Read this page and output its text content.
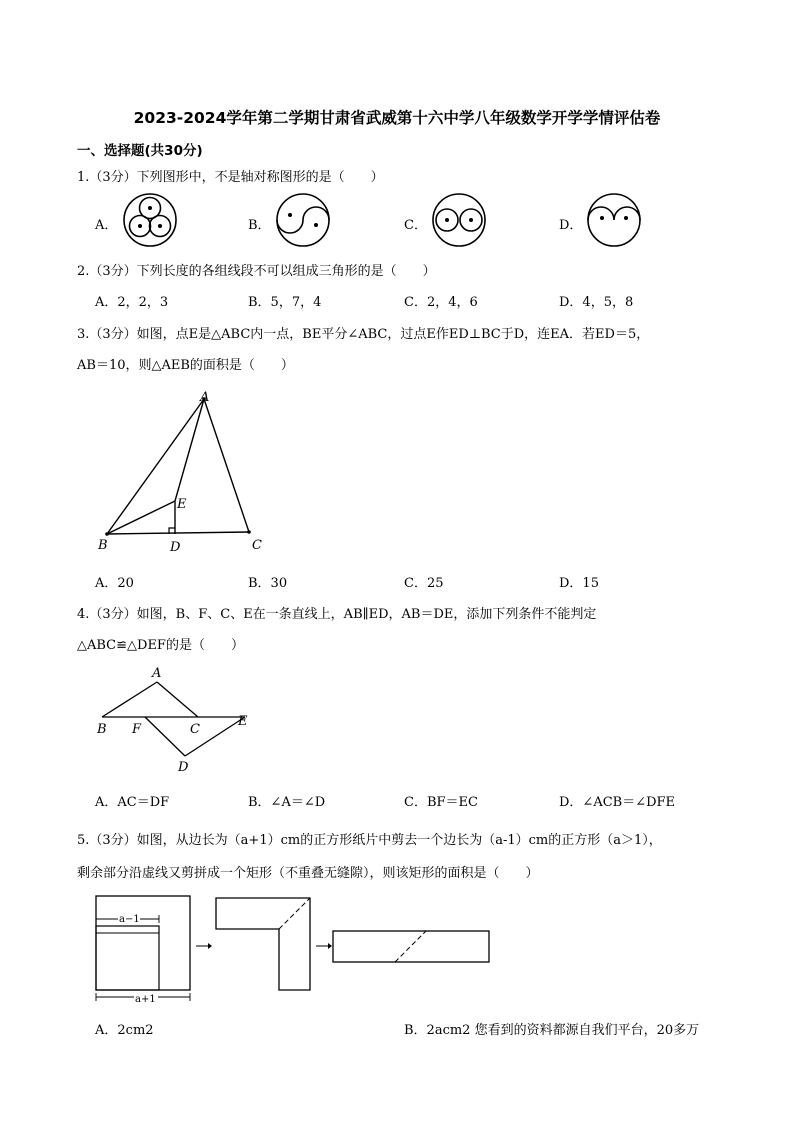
2023-2024学年第二学期甘肃省武威第十六中学八年级数学开学学情评估卷
一、选择题(共30分)
1.（3分）下列图形中，不是轴对称图形的是（　　）
A．	B．	C．	D．
2.（3分）下列长度的各组线段不可以组成三角形的是（　　）
A．2，2，3	B．5，7，4	C．2，4，6	D．4，5，8
3.（3分）如图，点E是△ABC内一点，BE平分∠ABC，过点E作ED⊥BC于D，连EA．若ED＝5，
AB＝10，则△AEB的面积是（　　）
A
E
B	D	C
A．20	B．30	C．25	D．15
4.（3分）如图，B、F、C、E在一条直线上，AB∥ED，AB＝DE，添加下列条件不能判定
△ABC≌△DEF的是（　　）
A
B F	C
E
D
A．AC＝DF	B．∠A＝∠D	C．BF＝EC	D．∠ACB＝∠DFE
5.（3分）如图，从边长为（a+1）cm的正方形纸片中剪去一个边长为（a-1）cm的正方形（a＞1），
剩余部分沿虚线又剪拼成一个矩形（不重叠无缝隙），则该矩形的面积是（　　）
a−1
a+1
A．2cm2	B．2acm2 您看到的资料都源自我们平台，20多万
